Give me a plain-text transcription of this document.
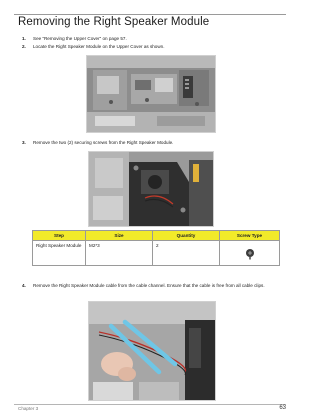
Removing the Right Speaker Module
1. See “Removing the Upper Cover” on page 57.
2. Locate the Right Speaker Module on the Upper Cover as shown.
3. Remove the two (2) securing screws from the Right Speaker Module.
Step	Size	Quantity	Screw Type
Right Speaker Module	M2*3	2	
4. Remove the Right Speaker Module cable from the cable channel. Ensure that the cable is free from all cable clips.
Chapter 3	63
